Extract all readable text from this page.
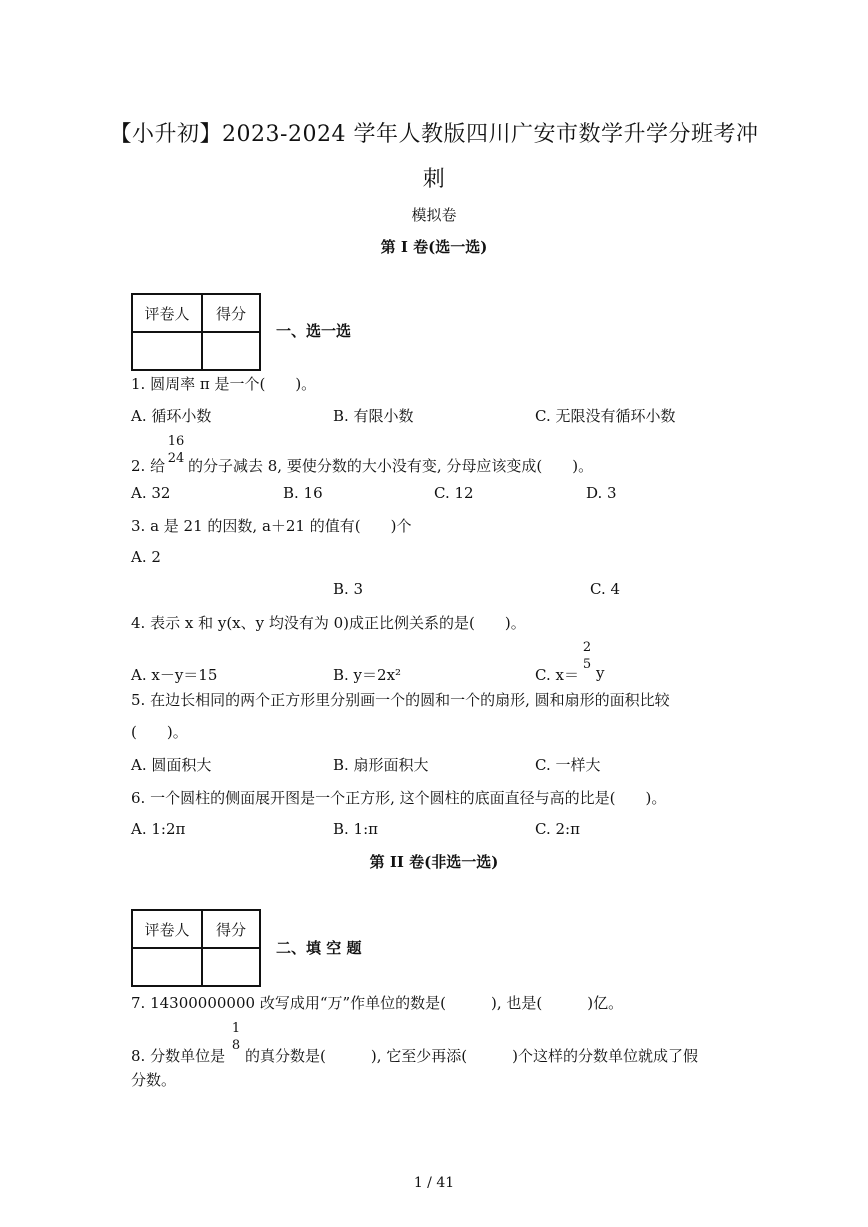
【小升初】2023-2024 学年人教版四川广安市数学升学分班考冲
刺
模拟卷
第 I 卷(选一选)
评卷人	得分

一、选一选
1. 圆周率 π 是一个(　　)。
A. 循环小数	B. 有限小数	C. 无限没有循环小数
2. 给
16
24 的分子减去 8, 要使分数的大小没有变, 分母应该变成(　　)。
A. 32	B. 16	C. 12	D. 3
3. a 是 21 的因数, a＋21 的值有(　　)个
A. 2
B. 3	C. 4
4. 表示 x 和 y(x、y 均没有为 0)成正比例关系的是(　　)。
A. x－y＝15	B. y＝2x²	C. x＝
2
5 y
5. 在边长相同的两个正方形里分别画一个的圆和一个的扇形, 圆和扇形的面积比较
(　　)。
A. 圆面积大	B. 扇形面积大	C. 一样大
6. 一个圆柱的侧面展开图是一个正方形, 这个圆柱的底面直径与高的比是(　　)。
A. 1:2π	B. 1:π	C. 2:π
第 II 卷(非选一选)
评卷人	得分

二、填 空 题
7. 14300000000 改写成用“万”作单位的数是(　　　), 也是(　　　)亿。
8. 分数单位是
1
8
的真分数是(　　　), 它至少再添(　　　)个这样的分数单位就成了假
分数。
1 / 41
